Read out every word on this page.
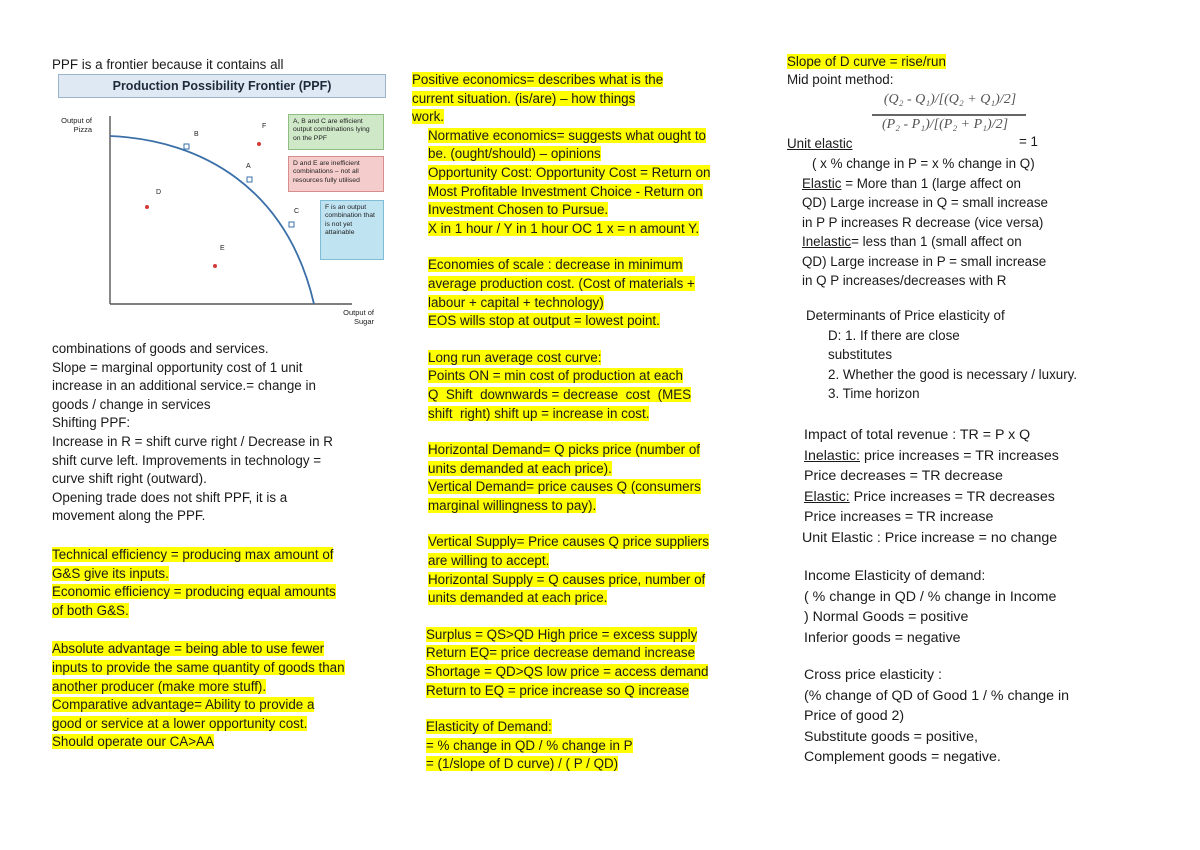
PPF is a frontier because it contains all
Production Possibility Frontier (PPF)
Output of Pizza
Output of Sugar
B
F
A
D
C
E
A, B and C are efficient output combinations lying on the PPF
D and E are inefficient combinations – not all resources fully utilised
F is an output combination that is not yet attainable
combinations of goods and services.
Slope = marginal opportunity cost of 1 unit
increase in an additional service.= change in
goods / change in services
Shifting PPF:
Increase in R = shift curve right / Decrease in R
shift curve left. Improvements in technology =
curve shift right (outward).
Opening trade does not shift PPF, it is a
movement along the PPF.
Technical efficiency = producing max amount of
G&S give its inputs.
Economic efficiency = producing equal amounts
of both G&S.
Absolute advantage = being able to use fewer
inputs to provide the same quantity of goods than
another producer (make more stuff).
Comparative advantage= Ability to provide a
good or service at a lower opportunity cost.
Should operate our CA>AA
Positive economics= describes what is the
current situation. (is/are) – how things
work.
Normative economics= suggests what ought to
be. (ought/should) – opinions
Opportunity Cost: Opportunity Cost = Return on
Most Profitable Investment Choice - Return on
Investment Chosen to Pursue.
X in 1 hour / Y in 1 hour OC 1 x = n amount Y.
Economies of scale : decrease in minimum
average production cost. (Cost of materials +
labour + capital + technology)
EOS wills stop at output = lowest point.
Long run average cost curve:
Points ON = min cost of production at each
Q  Shift  downwards = decrease  cost  (MES
shift  right) shift up = increase in cost.
Horizontal Demand= Q picks price (number of
units demanded at each price).
Vertical Demand= price causes Q (consumers
marginal willingness to pay).
Vertical Supply= Price causes Q price suppliers
are willing to accept.
Horizontal Supply = Q causes price, number of
units demanded at each price.
Surplus = QS>QD High price = excess supply
Return EQ= price decrease demand increase
Shortage = QD>QS low price = access demand
Return to EQ = price increase so Q increase
Elasticity of Demand:
= % change in QD / % change in P
= (1/slope of D curve) / ( P / QD)
Slope of D curve = rise/run
Mid point method:
(Q₂ - Q₁)/[(Q₂ + Q₁)/2]
(P₂ - P₁)/[(P₂ + P₁)/2]
Unit elastic	= 1
( x % change in P = x % change in Q)
Elastic = More than 1 (large affect on
QD) Large increase in Q = small increase
in P P increases R decrease (vice versa)
Inelastic= less than 1 (small affect on
QD) Large increase in P = small increase
in Q P increases/decreases with R
Determinants of Price elasticity of
D: 1. If there are close
substitutes
2. Whether the good is necessary / luxury.
3. Time horizon
Impact of total revenue : TR = P x Q
Inelastic: price increases = TR increases
Price decreases = TR decrease
Elastic: Price increases = TR decreases
Price increases = TR increase
Unit Elastic : Price increase = no change
Income Elasticity of demand:
( % change in QD / % change in Income
) Normal Goods = positive
Inferior goods = negative
Cross price elasticity :
(% change of QD of Good 1 / % change in
Price of good 2)
Substitute goods = positive,
Complement goods = negative.
